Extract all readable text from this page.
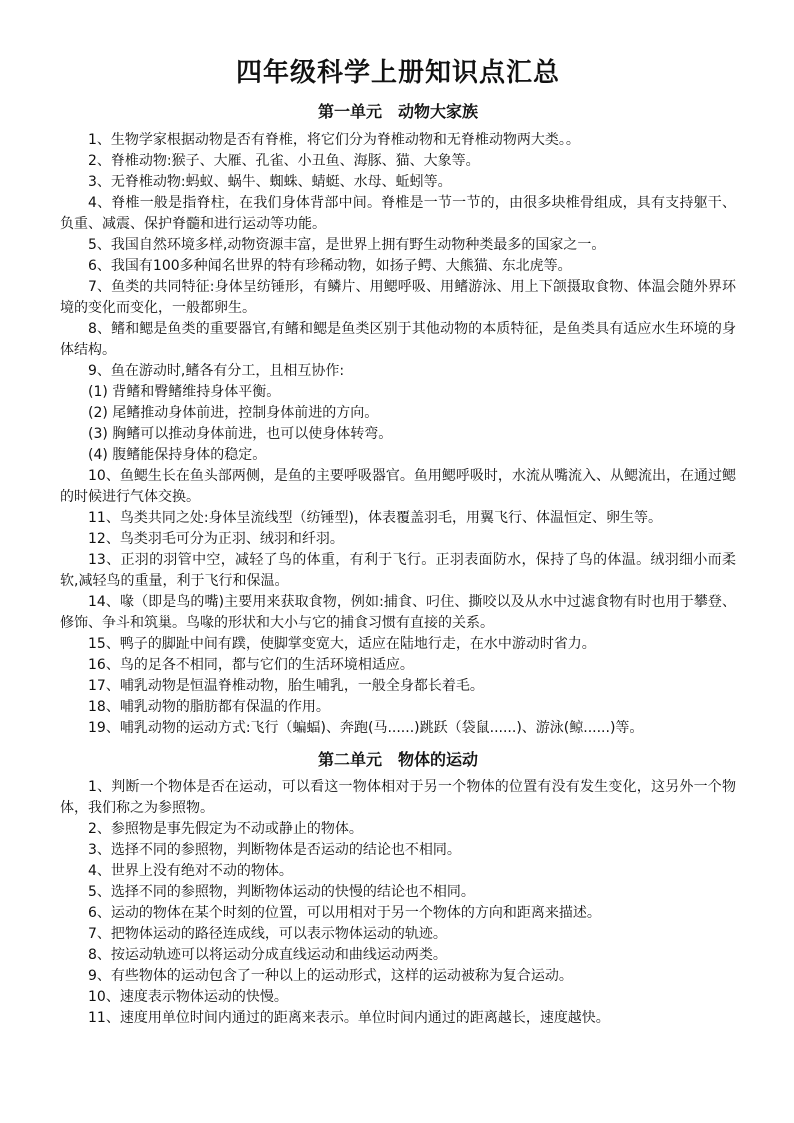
四年级科学上册知识点汇总
第一单元　动物大家族

1、生物学家根据动物是否有脊椎，将它们分为脊椎动物和无脊椎动物两大类。。

2、脊椎动物:猴子、大雁、孔雀、小丑鱼、海豚、猫、大象等。

3、无脊椎动物:蚂蚁、蜗牛、蜘蛛、蜻蜓、水母、蚯蚓等。

4、脊椎一般是指脊柱，在我们身体背部中间。脊椎是一节一节的，由很多块椎骨组成，具有支持躯干、负重、减震、保护脊髓和进行运动等功能。

5、我国自然环境多样,动物资源丰富，是世界上拥有野生动物种类最多的国家之一。

6、我国有100多种闻名世界的特有珍稀动物，如扬子鳄、大熊猫、东北虎等。

7、鱼类的共同特征:身体呈纺锤形，有鳞片、用鳃呼吸、用鳍游泳、用上下颌摄取食物、体温会随外界环境的变化而变化，一般都卵生。

8、鳍和鳃是鱼类的重要器官,有鳍和鳃是鱼类区别于其他动物的本质特征，是鱼类具有适应水生环境的身体结构。

9、鱼在游动时,鳍各有分工，且相互协作:

(1) 背鳍和臀鳍维持身体平衡。

(2) 尾鳍推动身体前进，控制身体前进的方向。

(3) 胸鳍可以推动身体前进，也可以使身体转弯。

(4) 腹鳍能保持身体的稳定。

10、鱼鳃生长在鱼头部两侧，是鱼的主要呼吸器官。鱼用鳃呼吸时，水流从嘴流入、从鳃流出，在通过鳃的时候进行气体交换。

11、鸟类共同之处:身体呈流线型（纺锤型)，体表覆盖羽毛，用翼飞行、体温恒定、卵生等。

12、鸟类羽毛可分为正羽、绒羽和纤羽。

13、正羽的羽管中空，减轻了鸟的体重，有利于飞行。正羽表面防水，保持了鸟的体温。绒羽细小而柔软,减轻鸟的重量，利于飞行和保温。

14、喙（即是鸟的嘴)主要用来获取食物，例如:捕食、叼住、撕咬以及从水中过滤食物有时也用于攀登、修饰、争斗和筑巢。鸟喙的形状和大小与它的捕食习惯有直接的关系。

15、鸭子的脚趾中间有蹼，使脚掌变宽大，适应在陆地行走，在水中游动时省力。

16、鸟的足各不相同，都与它们的生活环境相适应。

17、哺乳动物是恒温脊椎动物，胎生哺乳，一般全身都长着毛。

18、哺乳动物的脂肪都有保温的作用。

19、哺乳动物的运动方式:飞行（蝙蝠)、奔跑(马......)跳跃（袋鼠......)、游泳(鲸......)等。

第二单元　物体的运动

1、判断一个物体是否在运动，可以看这一物体相对于另一个物体的位置有没有发生变化，这另外一个物体，我们称之为参照物。

2、参照物是事先假定为不动或静止的物体。

3、选择不同的参照物，判断物体是否运动的结论也不相同。

4、世界上没有绝对不动的物体。

5、选择不同的参照物，判断物体运动的快慢的结论也不相同。

6、运动的物体在某个时刻的位置，可以用相对于另一个物体的方向和距离来描述。

7、把物体运动的路径连成线，可以表示物体运动的轨迹。

8、按运动轨迹可以将运动分成直线运动和曲线运动两类。

9、有些物体的运动包含了一种以上的运动形式，这样的运动被称为复合运动。

10、速度表示物体运动的快慢。

11、速度用单位时间内通过的距离来表示。单位时间内通过的距离越长，速度越快。
